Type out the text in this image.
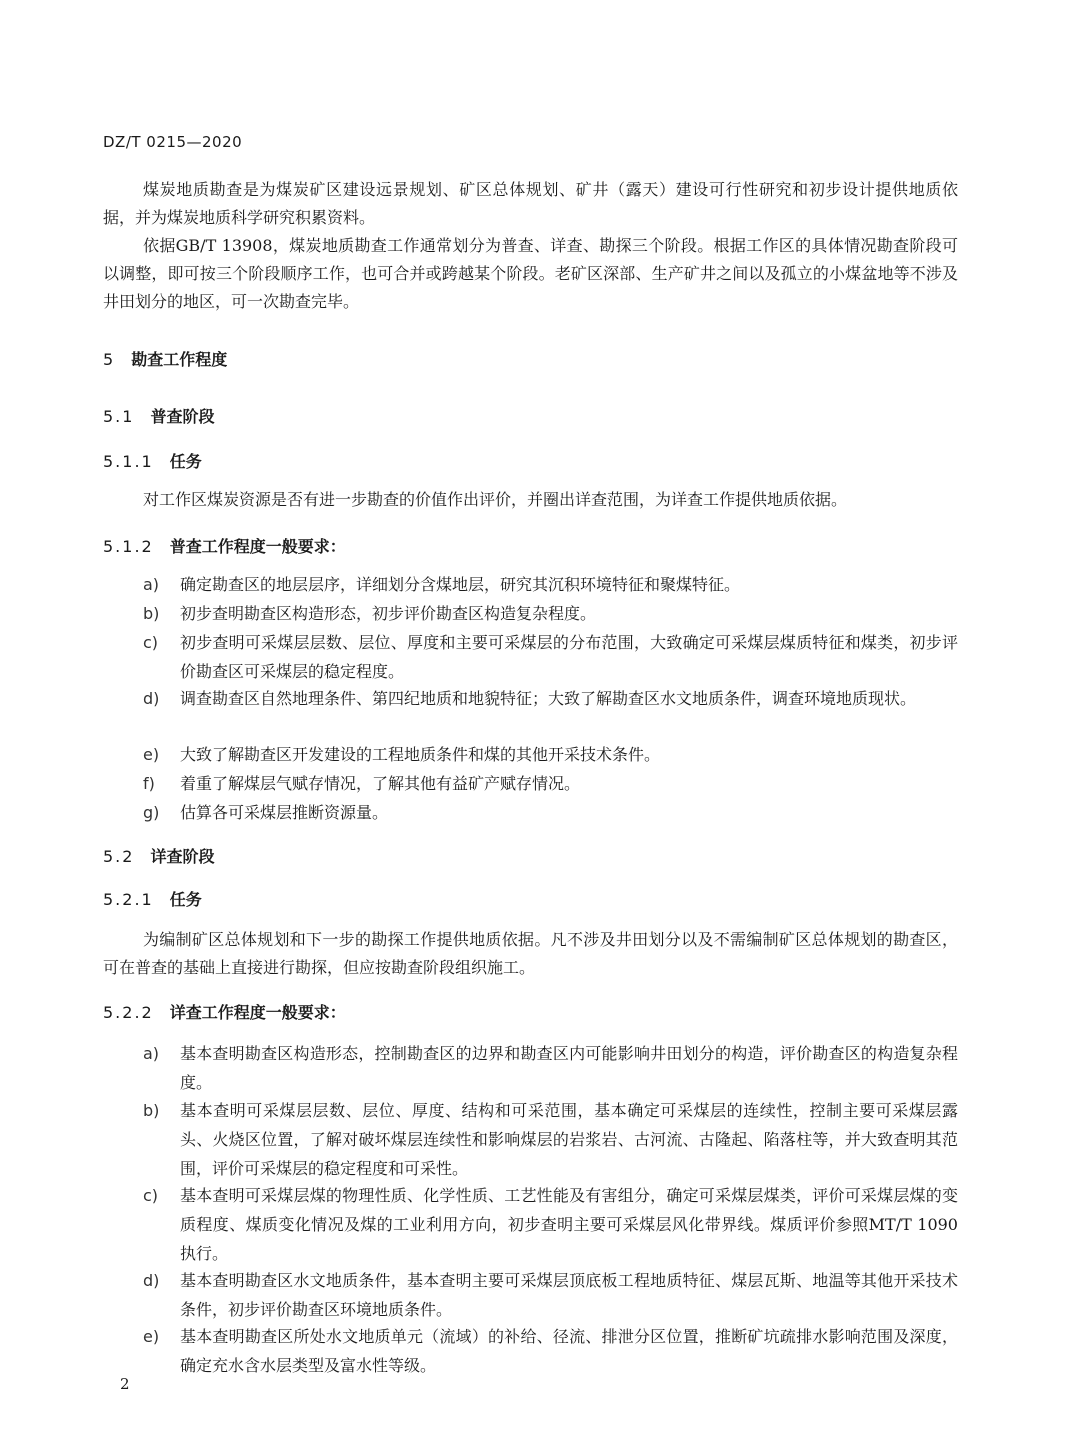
DZ/T 0215—2020

煤炭地质勘查是为煤炭矿区建设远景规划、矿区总体规划、矿井（露天）建设可行性研究和初步设计提供地质依据，并为煤炭地质科学研究积累资料。

依据GB/T 13908，煤炭地质勘查工作通常划分为普查、详查、勘探三个阶段。根据工作区的具体情况勘查阶段可以调整，即可按三个阶段顺序工作，也可合并或跨越某个阶段。老矿区深部、生产矿井之间以及孤立的小煤盆地等不涉及井田划分的地区，可一次勘查完毕。

5 勘查工作程度
5.1 普查阶段
5.1.1 任务

对工作区煤炭资源是否有进一步勘查的价值作出评价，并圈出详查范围，为详查工作提供地质依据。

5.1.2 普查工作程度一般要求：
a)	确定勘查区的地层层序，详细划分含煤地层，研究其沉积环境特征和聚煤特征。
b)	初步查明勘查区构造形态，初步评价勘查区构造复杂程度。
c)	初步查明可采煤层层数、层位、厚度和主要可采煤层的分布范围，大致确定可采煤层煤质特征和煤类，初步评价勘查区可采煤层的稳定程度。
d)	调查勘查区自然地理条件、第四纪地质和地貌特征；大致了解勘查区水文地质条件，调查环境地质现状。
e)	大致了解勘查区开发建设的工程地质条件和煤的其他开采技术条件。
f)	着重了解煤层气赋存情况，了解其他有益矿产赋存情况。
g)	估算各可采煤层推断资源量。
5.2 详查阶段
5.2.1 任务

为编制矿区总体规划和下一步的勘探工作提供地质依据。凡不涉及井田划分以及不需编制矿区总体规划的勘查区，可在普查的基础上直接进行勘探，但应按勘查阶段组织施工。

5.2.2 详查工作程度一般要求：
a)	基本查明勘查区构造形态，控制勘查区的边界和勘查区内可能影响井田划分的构造，评价勘查区的构造复杂程度。
b)	基本查明可采煤层层数、层位、厚度、结构和可采范围，基本确定可采煤层的连续性，控制主要可采煤层露头、火烧区位置，了解对破坏煤层连续性和影响煤层的岩浆岩、古河流、古隆起、陷落柱等，并大致查明其范围，评价可采煤层的稳定程度和可采性。
c)	基本查明可采煤层煤的物理性质、化学性质、工艺性能及有害组分，确定可采煤层煤类，评价可采煤层煤的变质程度、煤质变化情况及煤的工业利用方向，初步查明主要可采煤层风化带界线。煤质评价参照MT/T 1090 执行。
d)	基本查明勘查区水文地质条件，基本查明主要可采煤层顶底板工程地质特征、煤层瓦斯、地温等其他开采技术条件，初步评价勘查区环境地质条件。
e)	基本查明勘查区所处水文地质单元（流域）的补给、径流、排泄分区位置，推断矿坑疏排水影响范围及深度，确定充水含水层类型及富水性等级。
2
